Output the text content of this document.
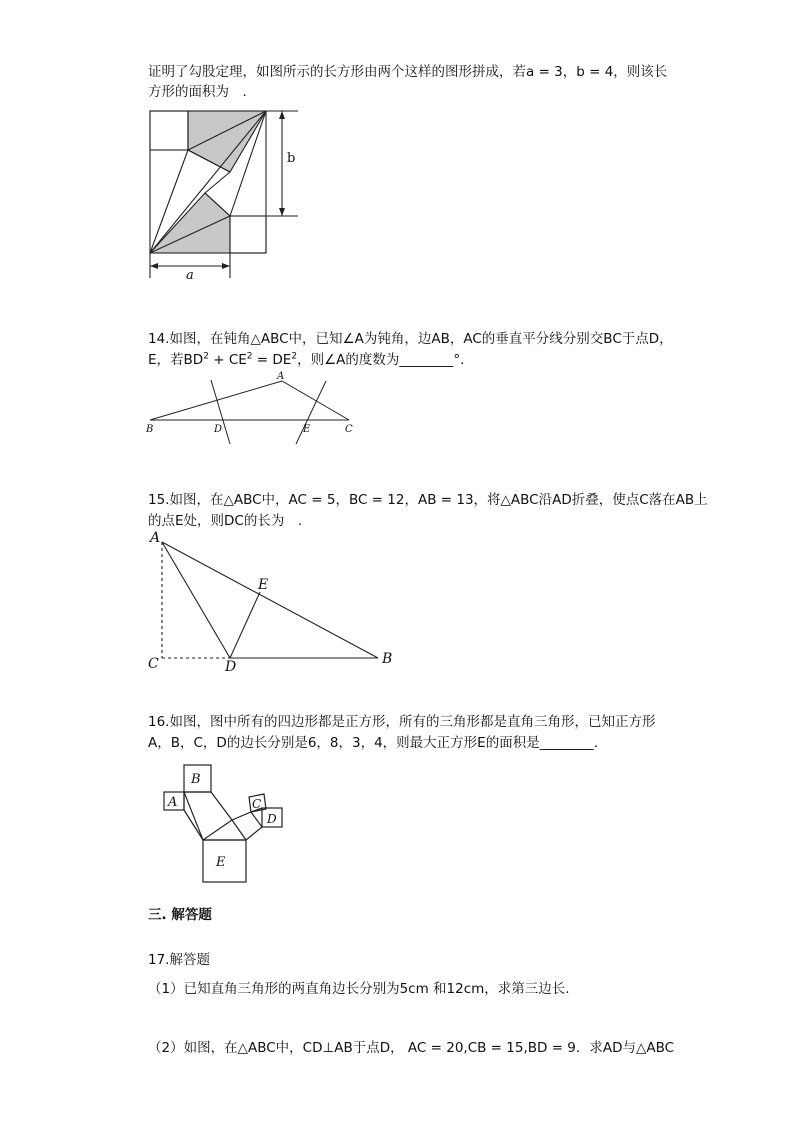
证明了勾股定理，如图所示的长方形由两个这样的图形拼成，若a = 3，b = 4，则该长
方形的面积为　.
b
a
14.如图，在钝角△ABC中，已知∠A为钝角，边AB，AC的垂直平分线分别交BC于点D，
E，若$BD^2 + CE^2 = DE^2$，则∠A的度数为________°.
A
B	C
D	E
15.如图，在△ABC中，AC = 5，BC = 12，AB = 13，将△ABC沿AD折叠，使点C落在AB上
的点E处，则DC的长为　.
A
B
C	D
E
16.如图，图中所有的四边形都是正方形，所有的三角形都是直角三角形，已知正方形
A，B，C，D的边长分别是6，8，3，4，则最大正方形E的面积是________.
B
A	C
D
E
三. 解答题
17.解答题
（1）已知直角三角形的两直角边长分别为5cm 和12cm，求第三边长.
（2）如图，在△ABC中，CD⊥AB于点D， AC = 20,CB = 15,BD = 9．求AD与△ABC
